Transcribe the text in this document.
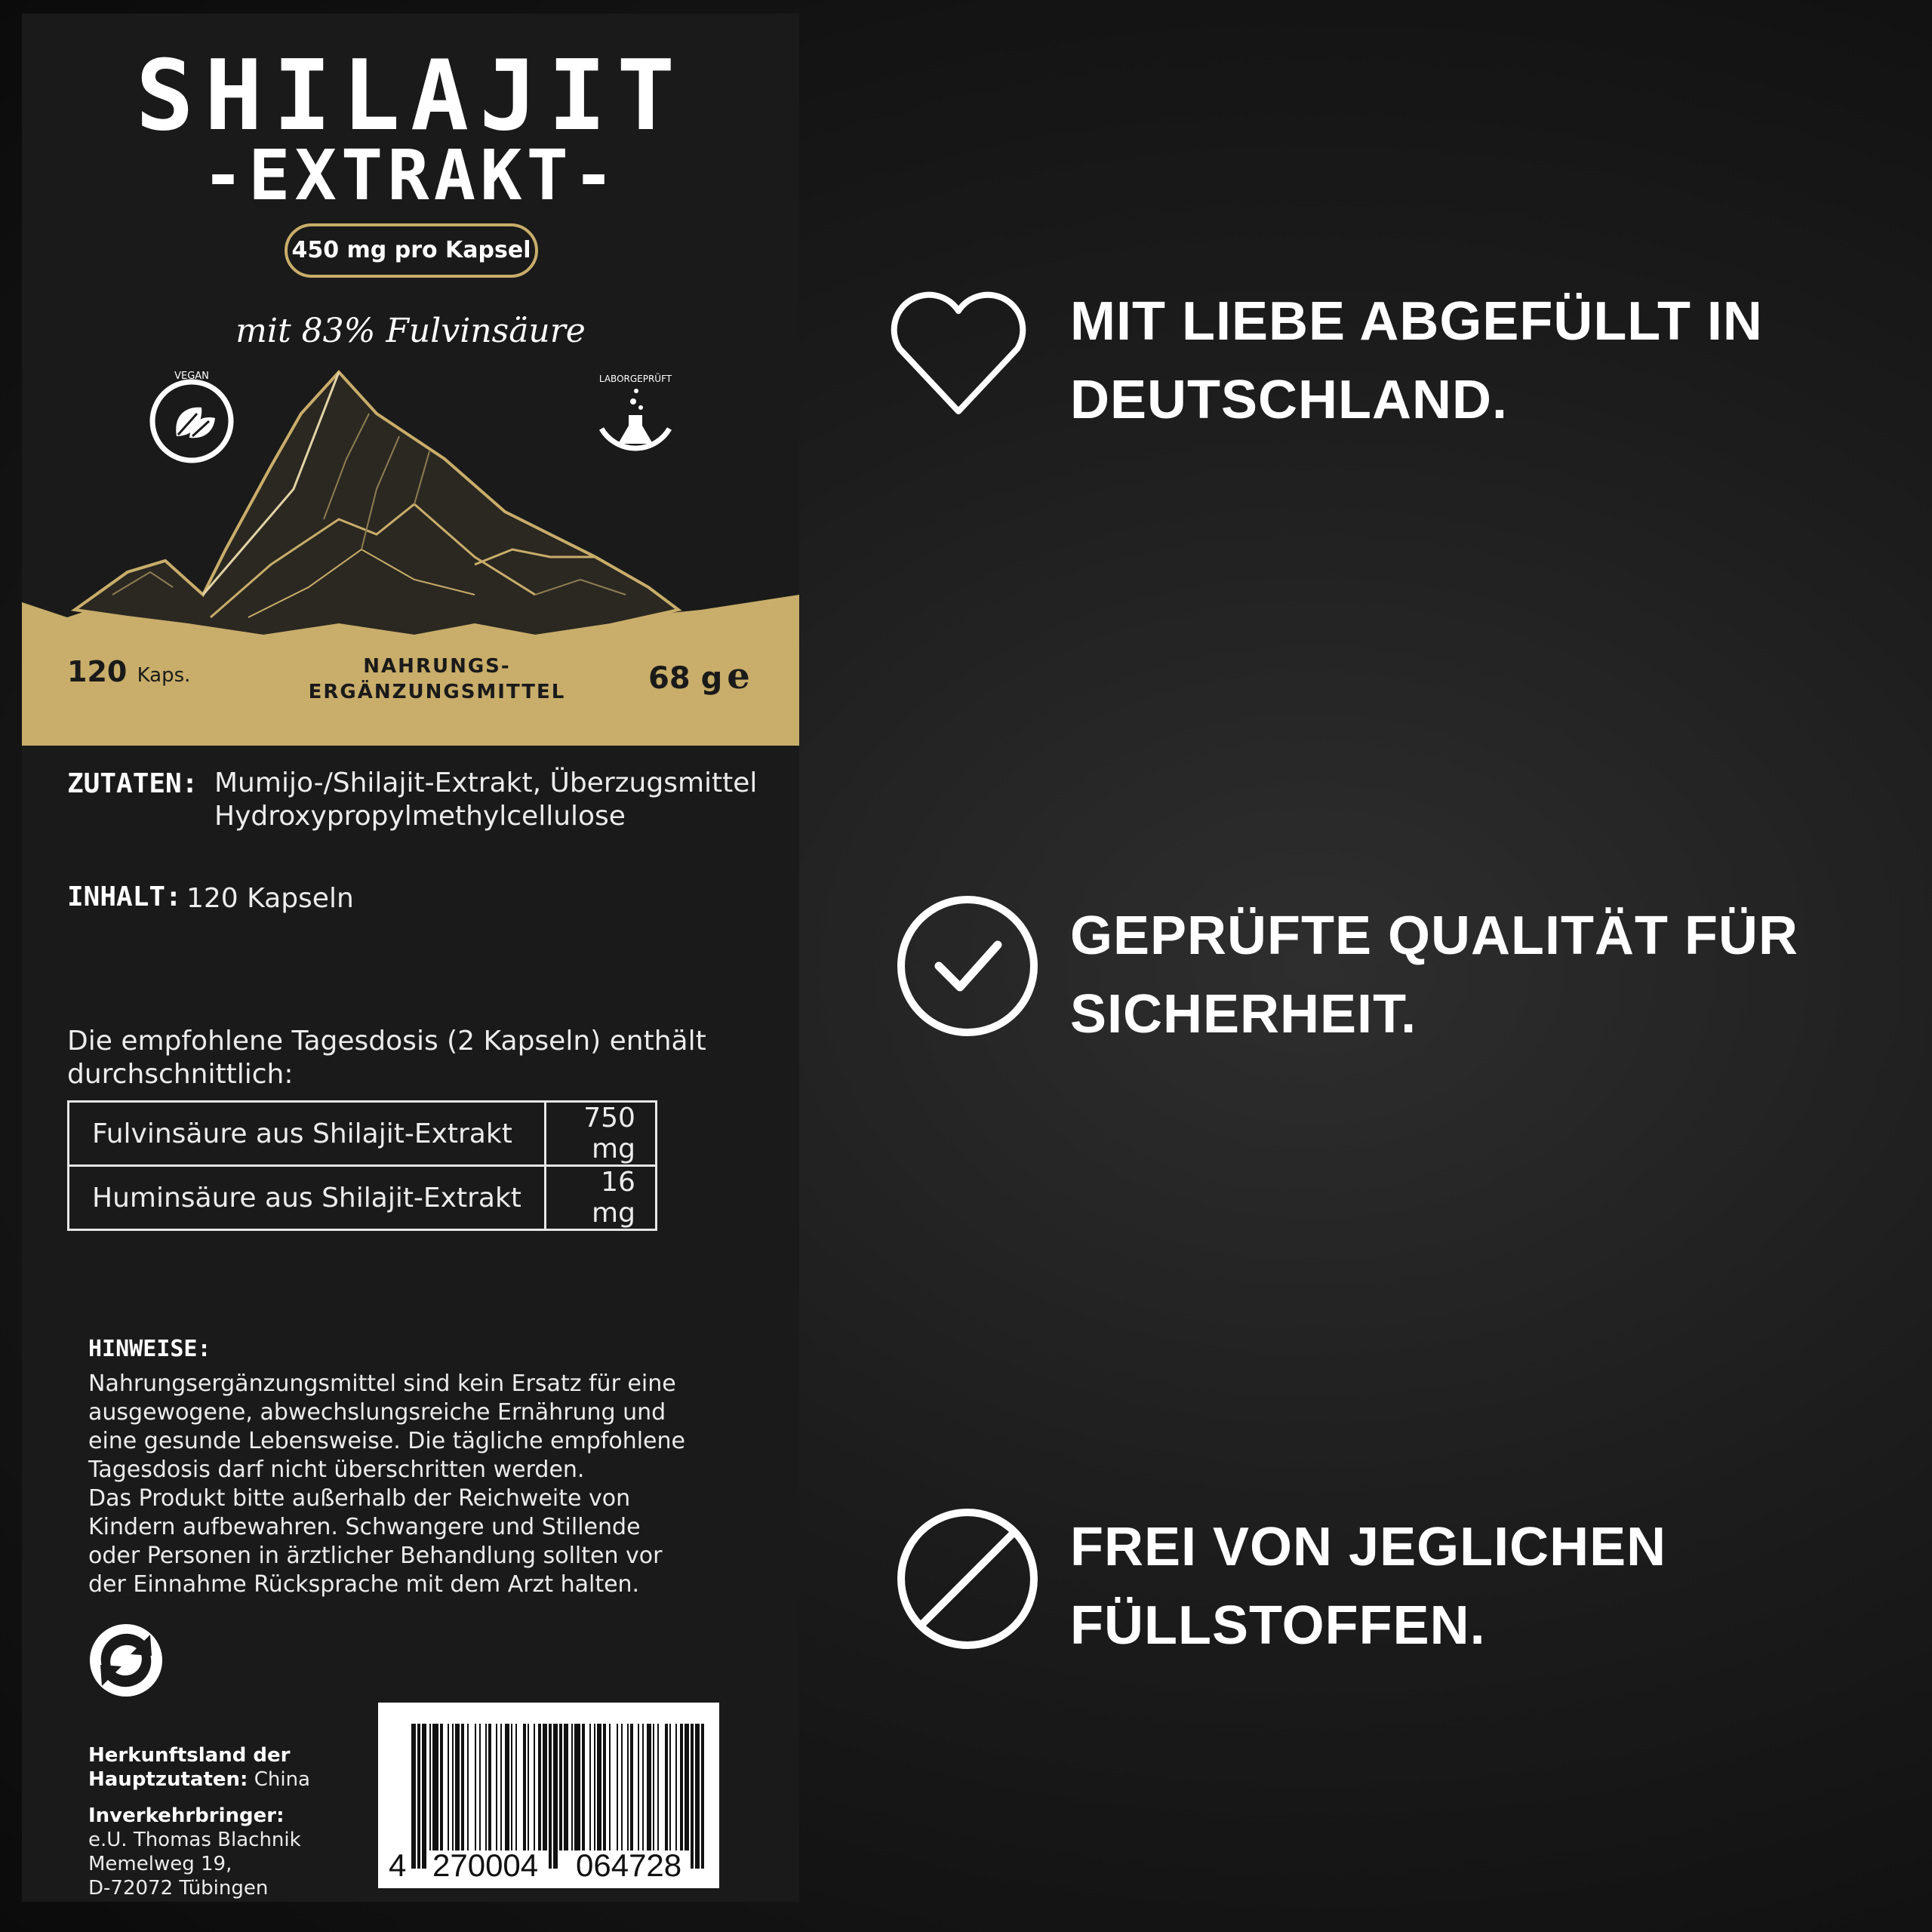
SHILAJIT
-EXTRAKT-
450 mg pro Kapsel
mit 83% Fulvinsäure
VEGAN	LABORGEPRÜFT
120 Kaps.	NAHRUNGS-
ERGÄNZUNGSMITTEL	68 g e
ZUTATEN: Mumijo-/Shilajit-Extrakt, Überzugsmittel
Hydroxypropylmethylcellulose
INHALT: 120 Kapseln
Die empfohlene Tagesdosis (2 Kapseln) enthält
durchschnittlich:
Fulvinsäure aus Shilajit-Extrakt	750 mg
Huminsäure aus Shilajit-Extrakt	16 mg
HINWEISE:
Nahrungsergänzungsmittel sind kein Ersatz für eine
ausgewogene, abwechslungsreiche Ernährung und
eine gesunde Lebensweise. Die tägliche empfohlene
Tagesdosis darf nicht überschritten werden.
Das Produkt bitte außerhalb der Reichweite von
Kindern aufbewahren. Schwangere und Stillende
oder Personen in ärztlicher Behandlung sollten vor
der Einnahme Rücksprache mit dem Arzt halten.
Herkunftsland der
Hauptzutaten: China
Inverkehrbringer:
e.U. Thomas Blachnik
Memelweg 19,
D-72072 Tübingen
4 270004 064728
MIT LIEBE ABGEFÜLLT IN
DEUTSCHLAND.
GEPRÜFTE QUALITÄT FÜR
SICHERHEIT.
FREI VON JEGLICHEN
FÜLLSTOFFEN.
